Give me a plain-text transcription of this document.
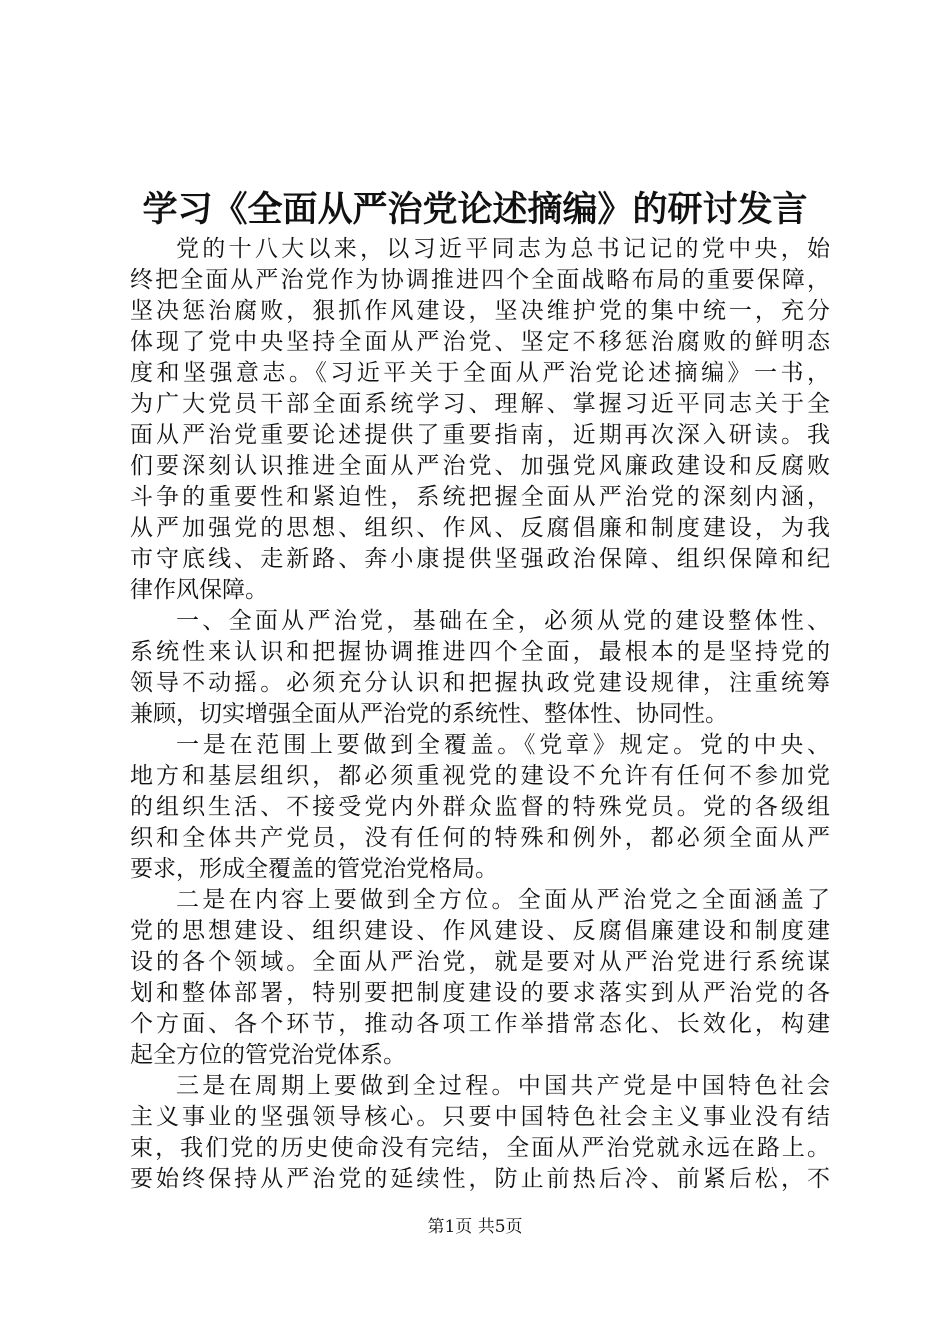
学习《全面从严治党论述摘编》的研讨发言
党的十八大以来，以习近平同志为总书记记的党中央，始
终把全面从严治党作为协调推进四个全面战略布局的重要保障，
坚决惩治腐败，狠抓作风建设，坚决维护党的集中统一，充分
体现了党中央坚持全面从严治党、坚定不移惩治腐败的鲜明态
度和坚强意志。《习近平关于全面从严治党论述摘编》一书，
为广大党员干部全面系统学习、理解、掌握习近平同志关于全
面从严治党重要论述提供了重要指南，近期再次深入研读。我
们要深刻认识推进全面从严治党、加强党风廉政建设和反腐败
斗争的重要性和紧迫性，系统把握全面从严治党的深刻内涵，
从严加强党的思想、组织、作风、反腐倡廉和制度建设，为我
市守底线、走新路、奔小康提供坚强政治保障、组织保障和纪
律作风保障。
一、全面从严治党，基础在全，必须从党的建设整体性、
系统性来认识和把握协调推进四个全面，最根本的是坚持党的
领导不动摇。必须充分认识和把握执政党建设规律，注重统筹
兼顾，切实增强全面从严治党的系统性、整体性、协同性。
一是在范围上要做到全覆盖。《党章》规定。党的中央、
地方和基层组织，都必须重视党的建设不允许有任何不参加党
的组织生活、不接受党内外群众监督的特殊党员。党的各级组
织和全体共产党员，没有任何的特殊和例外，都必须全面从严
要求，形成全覆盖的管党治党格局。
二是在内容上要做到全方位。全面从严治党之全面涵盖了
党的思想建设、组织建设、作风建设、反腐倡廉建设和制度建
设的各个领域。全面从严治党，就是要对从严治党进行系统谋
划和整体部署，特别要把制度建设的要求落实到从严治党的各
个方面、各个环节，推动各项工作举措常态化、长效化，构建
起全方位的管党治党体系。
三是在周期上要做到全过程。中国共产党是中国特色社会
主义事业的坚强领导核心。只要中国特色社会主义事业没有结
束，我们党的历史使命没有完结，全面从严治党就永远在路上。
要始终保持从严治党的延续性，防止前热后冷、前紧后松，不
第1页 共5页
